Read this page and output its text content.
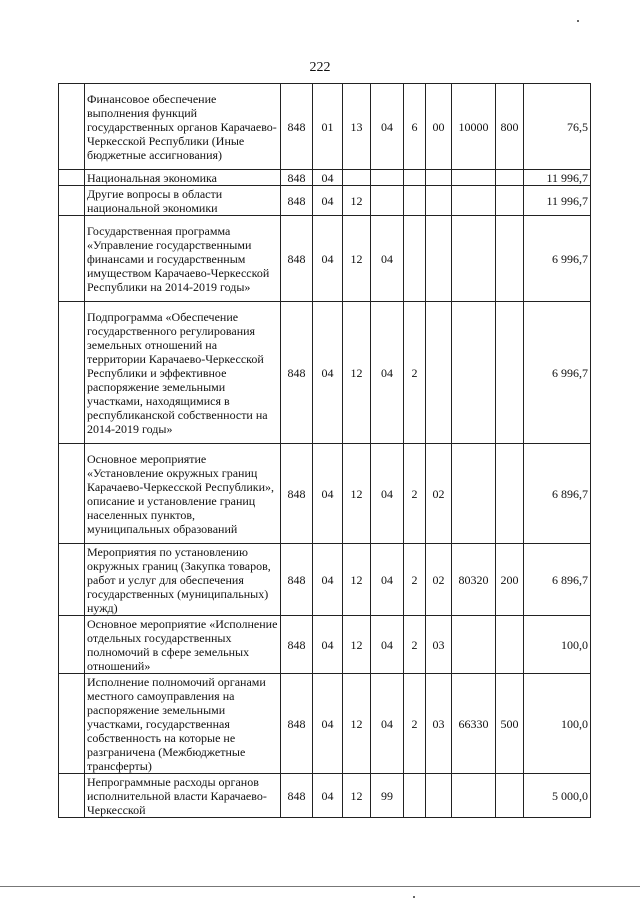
222
	Финансовое обеспечение выполнения функций государственных органов Карачаево-Черкесской Республики (Иные бюджетные ассигнования)	848	01	13	04	6	00	10000	800	76,5
	Национальная экономика	848	04							11 996,7
	Другие вопросы в области национальной экономики	848	04	12						11 996,7
	Государственная программа «Управление государственными финансами и государственным имуществом Карачаево-Черкесской Республики на 2014-2019 годы»	848	04	12	04					6 996,7
	Подпрограмма «Обеспечение государственного регулирования земельных отношений на территории Карачаево-Черкесской Республики и эффективное распоряжение земельными участками, находящимися в республиканской собственности на 2014-2019 годы»	848	04	12	04	2				6 996,7
	Основное мероприятие «Установление окружных границ Карачаево-Черкесской Республики», описание и установление границ населенных пунктов, муниципальных образований	848	04	12	04	2	02			6 896,7
	Мероприятия по установлению окружных границ (Закупка товаров, работ и услуг для обеспечения государственных (муниципальных) нужд)	848	04	12	04	2	02	80320	200	6 896,7
	Основное мероприятие «Исполнение отдельных государственных полномочий в сфере земельных отношений»	848	04	12	04	2	03			100,0
	Исполнение полномочий органами местного самоуправления на распоряжение земельными участками, государственная собственность на которые не разграничена (Межбюджетные трансферты)	848	04	12	04	2	03	66330	500	100,0
	Непрограммные расходы органов исполнительной власти Карачаево-Черкесской	848	04	12	99					5 000,0
